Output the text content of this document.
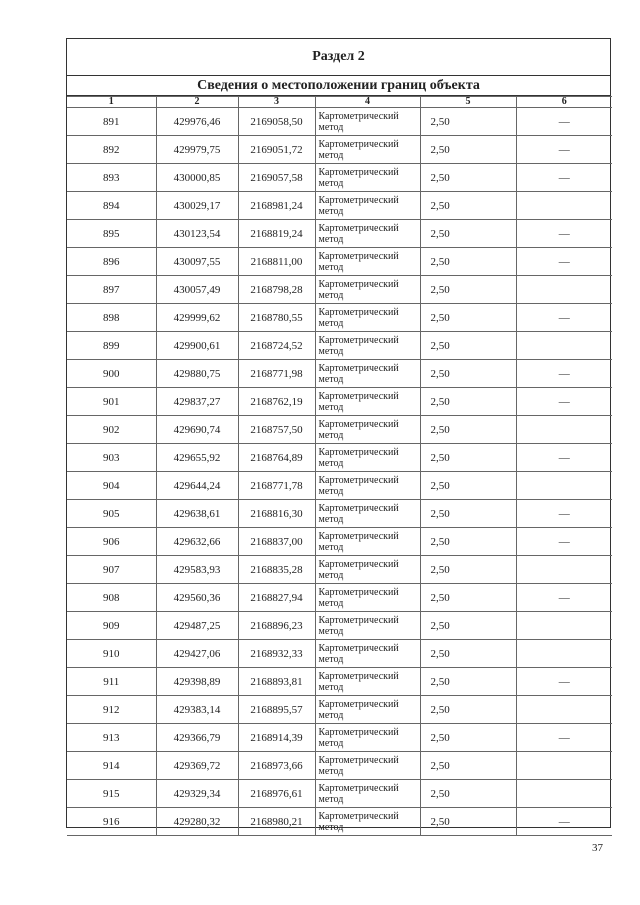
Раздел 2
Сведения о местоположении границ объекта
1	2	3	4	5	6
891	429976,46	2169058,50	Картометрический метод	2,50	—
892	429979,75	2169051,72	Картометрический метод	2,50	—
893	430000,85	2169057,58	Картометрический метод	2,50	—
894	430029,17	2168981,24	Картометрический метод	2,50	
895	430123,54	2168819,24	Картометрический метод	2,50	—
896	430097,55	2168811,00	Картометрический метод	2,50	—
897	430057,49	2168798,28	Картометрический метод	2,50	
898	429999,62	2168780,55	Картометрический метод	2,50	—
899	429900,61	2168724,52	Картометрический метод	2,50	
900	429880,75	2168771,98	Картометрический метод	2,50	—
901	429837,27	2168762,19	Картометрический метод	2,50	—
902	429690,74	2168757,50	Картометрический метод	2,50	
903	429655,92	2168764,89	Картометрический метод	2,50	—
904	429644,24	2168771,78	Картометрический метод	2,50	
905	429638,61	2168816,30	Картометрический метод	2,50	—
906	429632,66	2168837,00	Картометрический метод	2,50	—
907	429583,93	2168835,28	Картометрический метод	2,50	
908	429560,36	2168827,94	Картометрический метод	2,50	—
909	429487,25	2168896,23	Картометрический метод	2,50	
910	429427,06	2168932,33	Картометрический метод	2,50	
911	429398,89	2168893,81	Картометрический метод	2,50	—
912	429383,14	2168895,57	Картометрический метод	2,50	
913	429366,79	2168914,39	Картометрический метод	2,50	—
914	429369,72	2168973,66	Картометрический метод	2,50	
915	429329,34	2168976,61	Картометрический метод	2,50	
916	429280,32	2168980,21	Картометрический метод	2,50	—
37
